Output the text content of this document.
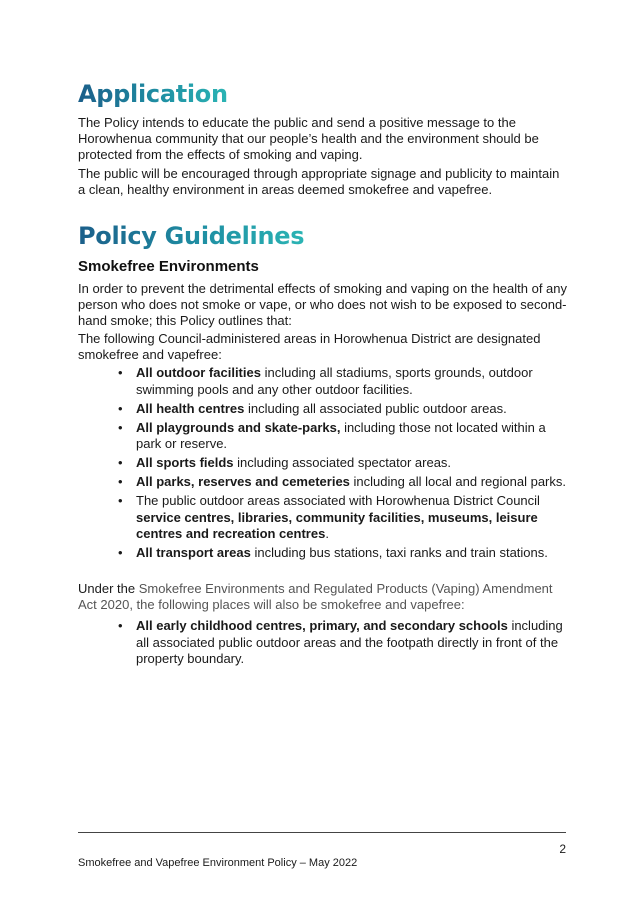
Application

The Policy intends to educate the public and send a positive message to the Horowhenua community that our people’s health and the environment should be protected from the effects of smoking and vaping.

The public will be encouraged through appropriate signage and publicity to maintain a clean, healthy environment in areas deemed smokefree and vapefree.

Policy Guidelines
Smokefree Environments

In order to prevent the detrimental effects of smoking and vaping on the health of any person who does not smoke or vape, or who does not wish to be exposed to second-hand smoke; this Policy outlines that:

The following Council-administered areas in Horowhenua District are designated smokefree and vapefree:

• All outdoor facilities including all stadiums, sports grounds, outdoor swimming pools and any other outdoor facilities.
• All health centres including all associated public outdoor areas.
• All playgrounds and skate-parks, including those not located within a park or reserve.
• All sports fields including associated spectator areas.
• All parks, reserves and cemeteries including all local and regional parks.
• The public outdoor areas associated with Horowhenua District Council service centres, libraries, community facilities, museums, leisure centres and recreation centres.
• All transport areas including bus stations, taxi ranks and train stations.

Under the Smokefree Environments and Regulated Products (Vaping) Amendment Act 2020, the following places will also be smokefree and vapefree:

• All early childhood centres, primary, and secondary schools including all associated public outdoor areas and the footpath directly in front of the property boundary.
2
Smokefree and Vapefree Environment Policy – May 2022
